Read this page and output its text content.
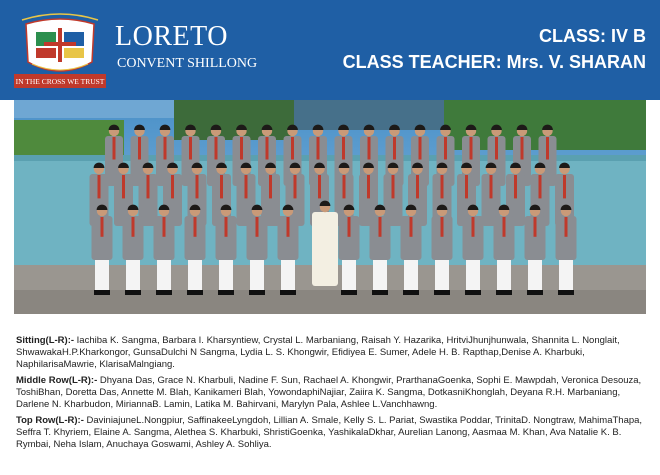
IN THE CROSS WE TRUST
LORETO
CONVENT SHILLONG
CLASS: IV B
CLASS TEACHER: Mrs. V. SHARAN

Sitting(L-R):- Iachiba K. Sangma, Barbara I. Kharsyntiew, Crystal L. Marbaniang, Raisah Y. Hazarika, HritviJhunjhunwala, Shannita L. Nonglait, ShwawakaH.P.Kharkongor, GunsaDulchi N Sangma, Lydia L. S. Khongwir, Efidiyea E. Sumer, Adele H. B. Rapthap,Denise A. Kharbuki, NaphilarisaMawrie, KlarisaMalngiang.

Middle Row(L-R):- Dhyana Das, Grace N. Kharbuli, Nadine F. Sun, Rachael A. Khongwir, PrarthanaGoenka, Sophi E. Mawpdah, Veronica Desouza, ToshiBhan, Doretta Das, Annette M. Blah, Kanikameri Blah, YowondaphiNajiar, Zaiira K. Sangma, DotkasniKhonglah, Deyana R.H. Marbaniang, Darlene N. Kharbudon, MiriannaB. Lamin, Latika M. Bahirvani, Marylyn Pala, Ashlee L.Vanchhawng.

Top Row(L-R):- DaviniajuneL.Nongpiur, SaffinakeeLyngdoh, Lillian A. Smale, Kelly S. L. Pariat, Swastika Poddar, TrinitaD. Nongtraw, MahimaThapa, Seffra T. Khyriem, Elaine A. Sangma, Alethea S. Kharbuki, ShristiGoenka, YashikalaDkhar, Aurelian Lanong, Aasmaa M. Khan, Ava Natalie K. B. Rymbai, Neha Islam, Anuchaya Goswami, Ashley A. Sohliya.
